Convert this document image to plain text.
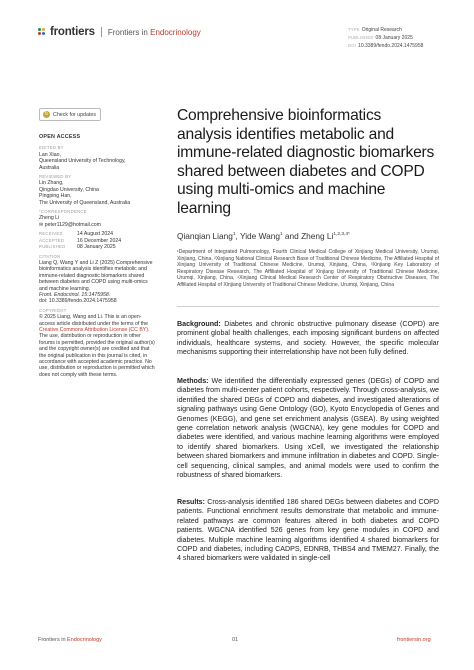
frontiers Frontiers in Endocrinology	TYPE Original Research
PUBLISHED 08 January 2025
DOI 10.3389/fendo.2024.1475958
↻ Check for updates
OPEN ACCESS
EDITED BY
Lan Xiao,
Queensland University of Technology,
Australia
REVIEWED BY
Lin Zhang,
Qingdao University, China
Pingping Han,
The University of Queensland, Australia
*CORRESPONDENCE
Zheng Li
✉ peter1129@hotmail.com
RECEIVED	14 August 2024
ACCEPTED 16 December 2024
PUBLISHED 08 January 2025
CITATION
Liang Q, Wang Y and Li Z (2025) Comprehensive bioinformatics analysis identifies metabolic and immune-related diagnostic biomarkers shared between diabetes and COPD using multi-omics and machine learning.
Front. Endocrinol. 15:1475958.
doi: 10.3389/fendo.2024.1475958
COPYRIGHT
© 2025 Liang, Wang and Li. This is an open-access article distributed under the terms of the Creative Commons Attribution License (CC BY). The use, distribution or reproduction in other forums is permitted, provided the original author(s) and the copyright owner(s) are credited and that the original publication in this journal is cited, in accordance with accepted academic practice. No use, distribution or reproduction is permitted which does not comply with these terms.
Comprehensive bioinformatics analysis identifies metabolic and immune-related diagnostic biomarkers shared between diabetes and COPD using multi-omics and machine learning
Qianqian Liang$^1$, Yide Wang$^1$ and Zheng $Li^{1,2,3,4*}$
¹Department of Integrated Pulmonology, Fourth Clinical Medical College of Xinjiang Medical University, Urumqi, Xinjiang, China, ²Xinjiang National Clinical Research Base of Traditional Chinese Medicine, The Affiliated Hospital of Xinjiang University of Traditional Chinese Medicine, Urumqi, Xinjiang, China, ³Xinjiang Key Laboratory of Respiratory Disease Research, The Affiliated Hospital of Xinjiang University of Traditional Chinese Medicine, Urumqi, Xinjiang, China, ⁴Xinjiang Clinical Medical Research Center of Respiratory Obstructive Diseases, The Affiliated Hospital of Xinjiang University of Traditional Chinese Medicine, Urumqi, Xinjiang, China
Background: Diabetes and chronic obstructive pulmonary disease (COPD) are prominent global health challenges, each imposing significant burdens on affected individuals, healthcare systems, and society. However, the specific molecular mechanisms supporting their interrelationship have not been fully defined.
Methods: We identified the differentially expressed genes (DEGs) of COPD and diabetes from multi-center patient cohorts, respectively. Through cross-analysis, we identified the shared DEGs of COPD and diabetes, and investigated alterations of signaling pathways using Gene Ontology (GO), Kyoto Encyclopedia of Genes and Genomes (KEGG), and gene set enrichment analysis (GSEA). By using weighted gene correlation network analysis (WGCNA), key gene modules for COPD and diabetes were identified, and various machine learning algorithms were employed to identify shared biomarkers. Using xCell, we investigated the relationship between shared biomarkers and immune infiltration in diabetes and COPD. Single-cell sequencing, clinical samples, and animal models were used to confirm the robustness of shared biomarkers.
Results: Cross-analysis identified 186 shared DEGs between diabetes and COPD patients. Functional enrichment results demonstrate that metabolic and immune-related pathways are common features altered in both diabetes and COPD patients. WGCNA identified 526 genes from key gene modules in COPD and diabetes. Multiple machine learning algorithms identified 4 shared biomarkers for COPD and diabetes, including CADPS, EDNRB, THBS4 and TMEM27. Finally, the 4 shared biomarkers were validated in single-cell
Frontiers in Endocrinology	01	frontiersin.org
